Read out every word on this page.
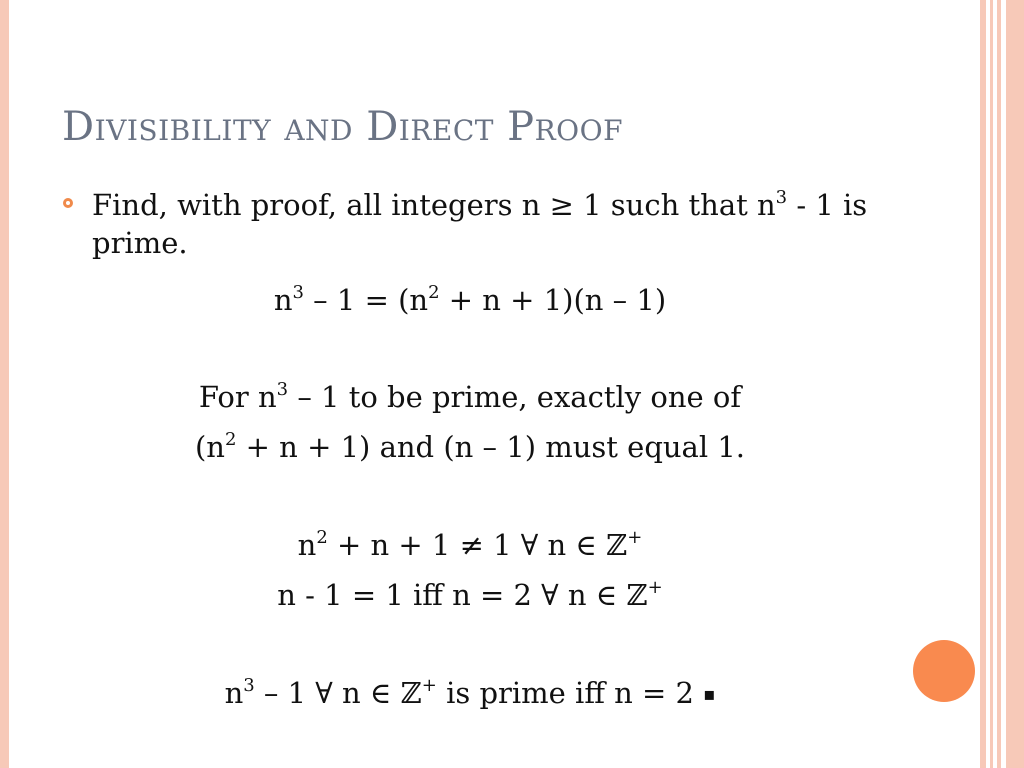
Divisibility and Direct Proof
Find, with proof, all integers n ≥ 1 such that $n^3 - 1$ is prime.
$n^3 - 1 = (n^2 + n + 1)(n - 1)$
For $n^3 - 1$ to be prime, exactly one of
$(n^2 + n + 1)$ and (n – 1) must equal 1.
$n^2 + n + 1 \ne 1$ ∀ n ∈ ℤ+
n - 1 = 1 iff n = 2 ∀ n ∈ ℤ+
$n^3 - 1$ ∀ n ∈ ℤ+ is prime iff n = 2 ▪
